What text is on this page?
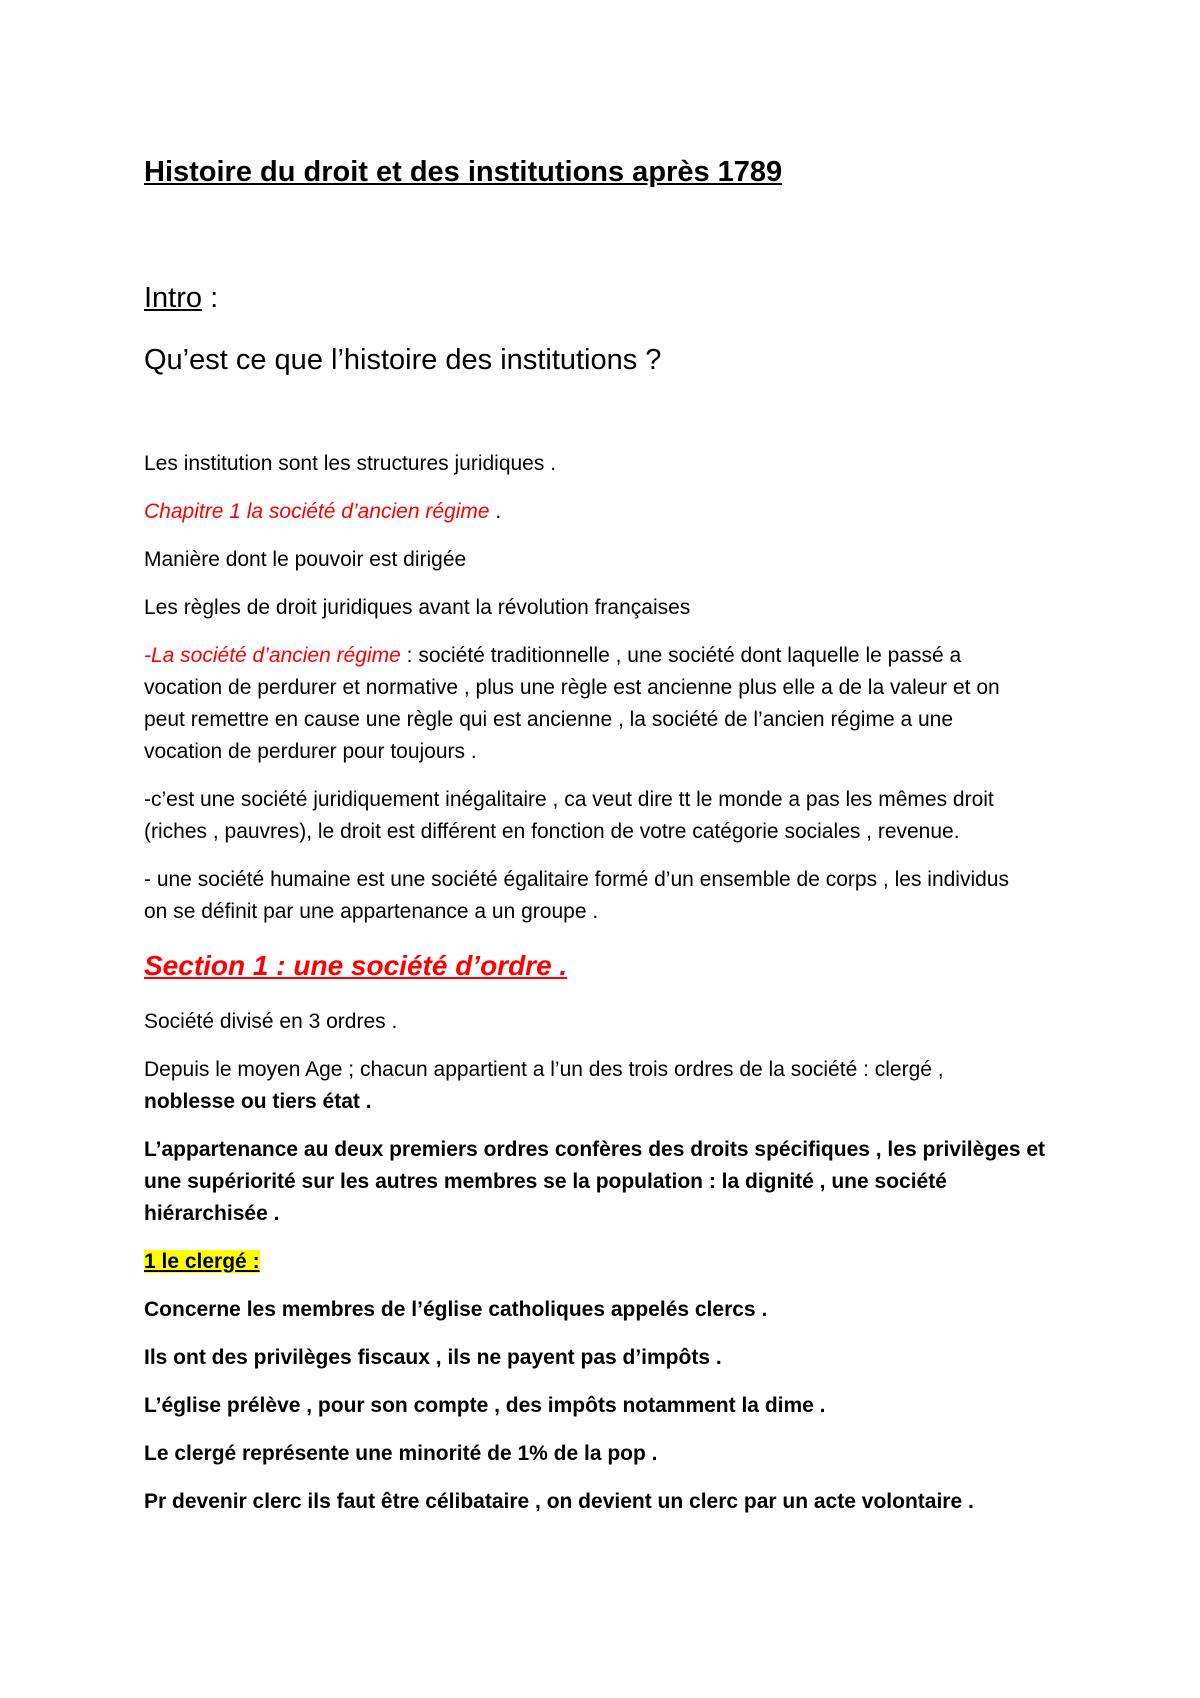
Histoire du droit et des institutions après 1789

Intro :

Qu’est ce que l’histoire des institutions ?

Les institution sont les structures juridiques .

Chapitre 1 la société d’ancien régime .

Manière dont le pouvoir est dirigée

Les règles de droit juridiques avant la révolution françaises

-La société d’ancien régime : société traditionnelle , une société dont laquelle le passé a

vocation de perdurer et normative , plus une règle est ancienne plus elle a de la valeur et on

peut remettre en cause une règle qui est ancienne , la société de l’ancien régime a une

vocation de perdurer pour toujours .

-c’est une société juridiquement inégalitaire , ca veut dire tt le monde a pas les mêmes droit

(riches , pauvres), le droit est différent en fonction de votre catégorie sociales , revenue.

- une société humaine est une société égalitaire formé d’un ensemble de corps , les individus

on se définit par une appartenance a un groupe .

Section 1 : une société d’ordre .

Société divisé en 3 ordres .

Depuis le moyen Age ; chacun appartient a l’un des trois ordres de la société : clergé ,

noblesse ou tiers état .

L’appartenance au deux premiers ordres confères des droits spécifiques , les privilèges et

une supériorité sur les autres membres se la population : la dignité , une société

hiérarchisée .

1 le clergé :

Concerne les membres de l’église catholiques appelés clercs .

Ils ont des privilèges fiscaux , ils ne payent pas d’impôts .

L’église prélève , pour son compte , des impôts notamment la dime .

Le clergé représente une minorité de 1% de la pop .

Pr devenir clerc ils faut être célibataire , on devient un clerc par un acte volontaire .
